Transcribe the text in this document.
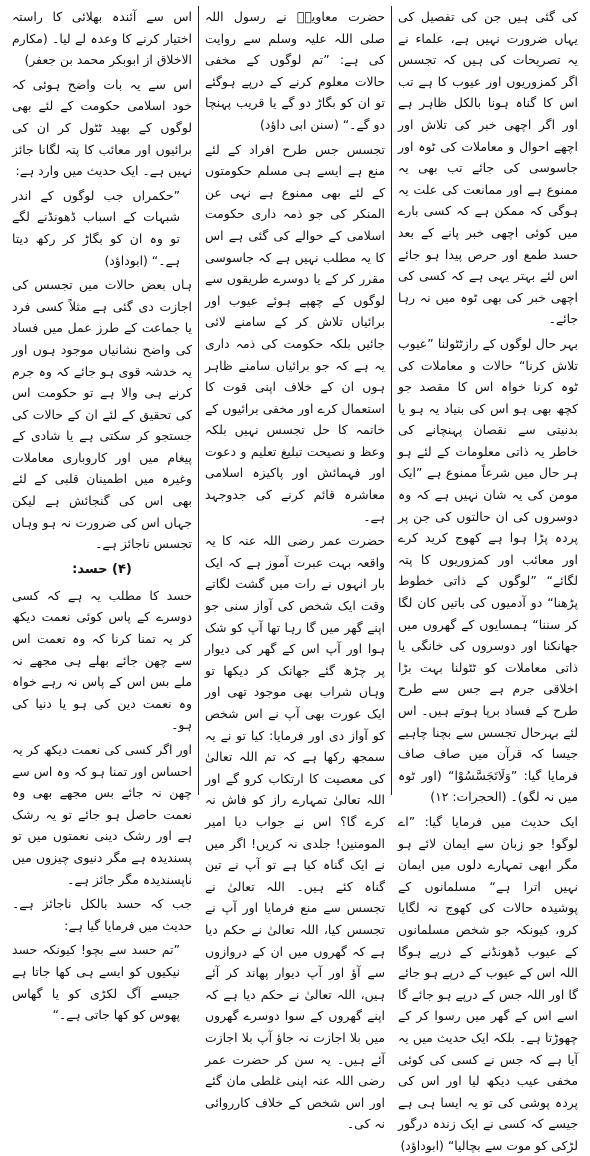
کی گئی ہیں جن کی تفصیل کی یہاں ضرورت نہیں ہے، علماء نے یہ تصریحات کی ہیں کہ تجسس اگر کمزوریوں اور عیوب کا ہے تب اس کا گناہ ہونا بالکل ظاہر ہے اور اگر اچھی خبر کی تلاش اور اچھے احوال و معاملات کی ٹوہ اور جاسوسی کی جائے تب بھی یہ ممنوع ہے اور ممانعت کی علت یہ ہوگی کہ ممکن ہے کہ کسی بارے میں کوئی اچھی خبر پانے کے بعد حسد طمع اور حرص پیدا ہو جائے اس لئے بہتر یہی ہے کہ کسی کی اچھی خبر کی بھی ٹوہ میں نہ رہا جائے۔

بہر حال لوگوں کے رازٹٹولنا ”عیوب تلاش کرنا“ حالات و معاملات کی ٹوہ کرنا خواہ اس کا مقصد جو کچھ بھی ہو اس کی بنیاد یہ ہو یا بدنیتی سے نقصان پہنچانے کی خاطر یہ ذاتی معلومات کے لئے ہو ہر حال میں شرعاً ممنوع ہے ”ایک مومن کی یہ شان نہیں ہے کہ وہ دوسروں کی ان حالتوں کی جن پر پردہ پڑا ہوا ہے کھوج کرید کرے اور معائب اور کمزوریوں کا پتہ لگائے“ ”لوگوں کے ذاتی خطوط پڑھنا“ دو آدمیوں کی باتیں کان لگا کر سننا“ ہمسایوں کے گھروں میں جھانکنا اور دوسروں کی خانگی یا ذاتی معاملات کو ٹٹولنا بہت بڑا اخلاقی جرم ہے جس سے طرح طرح کے فساد برپا ہوتے ہیں۔ اس لئے بہرحال تجسس سے بچنا چاہیے جیسا کہ قرآن میں صاف صاف فرمایا گیا: ”وَلَاتَجَسَّسُوْا“ (اور ٹوہ میں نہ لگو)۔ (الحجرات: ۱۲)

ایک حدیث میں فرمایا گیا: ”اے لوگو! جو زبان سے ایمان لائے ہو مگر ابھی تمہارے دلوں میں ایمان نہیں اترا ہے“ مسلمانوں کے پوشیدہ حالات کی کھوج نہ لگایا کرو، کیونکہ جو شخص مسلمانوں کے عیوب ڈھونڈنے کے درپے ہوگا اللہ اس کے عیوب کے درپے ہو جائے گا اور اللہ جس کے درپے ہو جائے گا اسے اس کے گھر میں رسوا کر کے چھوڑتا ہے۔ بلکہ ایک حدیث میں یہ آیا ہے کہ جس نے کسی کی کوئی مخفی عیب دیکھ لیا اور اس کی پردہ پوشی کی تو یہ ایسا ہی ہے جیسے کہ کسی نے ایک زندہ درگور لڑکی کو موت سے بچالیا“ (ابوداؤد)

حضرت معاویہؓ نے رسول اللہ صلی اللہ علیہ وسلم سے روایت کی ہے: ”تم لوگوں کے مخفی حالات معلوم کرنے کے درپے ہوگئے تو ان کو بگاڑ دو گے یا قریب پہنچا دو گے۔“ (سنن ابی داؤد)

تجسس جس طرح افراد کے لئے منع ہے ایسے ہی مسلم حکومتوں کے لئے بھی ممنوع ہے نہی عن المنکر کی جو ذمہ داری حکومت اسلامی کے حوالے کی گئی ہے اس کا یہ مطلب نہیں ہے کہ جاسوسی مقرر کر کے یا دوسرے طریقوں سے لوگوں کے چھپے ہوئے عیوب اور برائیاں تلاش کر کے سامنے لائی جائیں بلکہ حکومت کی ذمہ داری یہ ہے کہ جو برائیاں سامنے ظاہر ہوں ان کے خلاف اپنی قوت کا استعمال کرے اور مخفی برائیوں کے خاتمہ کا حل تجسس نہیں بلکہ وعظ و نصیحت تبلیغ تعلیم و دعوت اور فہمائش اور پاکیزہ اسلامی معاشرہ قائم کرنے کی جدوجہد ہے۔

حضرت عمر رضی اللہ عنہ کا یہ واقعہ بہت عبرت آموز ہے کہ ایک بار انہوں نے رات میں گشت لگاتے وقت ایک شخص کی آواز سنی جو اپنے گھر میں گا رہا تھا آپ کو شک ہوا اور آپ اس کے گھر کی دیوار پر چڑھ گئے جھانک کر دیکھا تو وہاں شراب بھی موجود تھی اور ایک عورت بھی آپ نے اس شخص کو آواز دی اور فرمایا: کیا تو نے یہ سمجھ رکھا ہے کہ تم اللہ تعالیٰ کی معصیت کا ارتکاب کرو گے اور اللہ تعالیٰ تمہارے راز کو فاش نہ کرے گا؟ اس نے جواب دیا امیر المومنین! جلدی نہ کریں! اگر میں نے ایک گناہ کیا ہے تو آپ نے تین گناہ کئے ہیں۔ اللہ تعالیٰ نے تجسس سے منع فرمایا اور آپ نے تجسس کیا، اللہ تعالیٰ نے حکم دیا ہے کہ گھروں میں ان کے دروازوں سے آؤ اور آپ دیوار پھاند کر آئے ہیں، اللہ تعالیٰ نے حکم دیا ہے کہ اپنے گھروں کے سوا دوسرے گھروں میں بلا اجازت نہ جاؤ آپ بلا اجازت آئے ہیں۔ یہ سن کر حضرت عمر رضی اللہ عنہ اپنی غلطی مان گئے اور اس شخص کے خلاف کارروائی نہ کی۔

اس سے آئندہ بھلائی کا راستہ اختیار کرنے کا وعدہ لے لیا۔ (مکارم الاخلاق از ابوبکر محمد بن جعفر)

اس سے یہ بات واضح ہوئی کہ خود اسلامی حکومت کے لئے بھی لوگوں کے بھید ٹٹول کر ان کی برائیوں اور معائب کا پتہ لگانا جائز نہیں ہے۔ ایک حدیث میں وارد ہے:

”حکمراں جب لوگوں کے اندر شبہات کے اسباب ڈھونڈنے لگے تو وہ ان کو بگاڑ کر رکھ دیتا ہے۔“ (ابوداؤد)

ہاں بعض حالات میں تجسس کی اجازت دی گئی ہے مثلاً کسی فرد یا جماعت کے طرز عمل میں فساد کی واضح نشانیاں موجود ہوں اور یہ خدشہ قوی ہو جائے کہ وہ جرم کرنے ہی والا ہے تو حکومت اس کی تحقیق کے لئے ان کے حالات کی جستجو کر سکتی ہے یا شادی کے پیغام میں اور کاروباری معاملات وغیرہ میں اطمینان قلبی کے لئے بھی اس کی گنجائش ہے لیکن جہاں اس کی ضرورت نہ ہو وہاں تجسس ناجائز ہے۔

(۴) حسد:

حسد کا مطلب یہ ہے کہ کسی دوسرے کے پاس کوئی نعمت دیکھ کر یہ تمنا کرنا کہ وہ نعمت اس سے چھن جائے بھلے ہی مجھے نہ ملے بس اس کے پاس نہ رہے خواہ وہ نعمت دین کی ہو یا دنیا کی ہو۔

اور اگر کسی کی نعمت دیکھ کر یہ احساس اور تمنا ہو کہ وہ اس سے چھن نہ جائے بس مجھے بھی وہ نعمت حاصل ہو جائے تو یہ رشک ہے اور رشک دینی نعمتوں میں تو پسندیدہ ہے مگر دنیوی چیزوں میں ناپسندیدہ مگر جائز ہے۔

جب کہ حسد بالکل ناجائز ہے۔ حدیث میں فرمایا گیا ہے:

”تم حسد سے بچو! کیونکہ حسد نیکیوں کو ایسے ہی کھا جاتا ہے جیسے آگ لکڑی کو یا گھاس پھوس کو کھا جاتی ہے۔“
